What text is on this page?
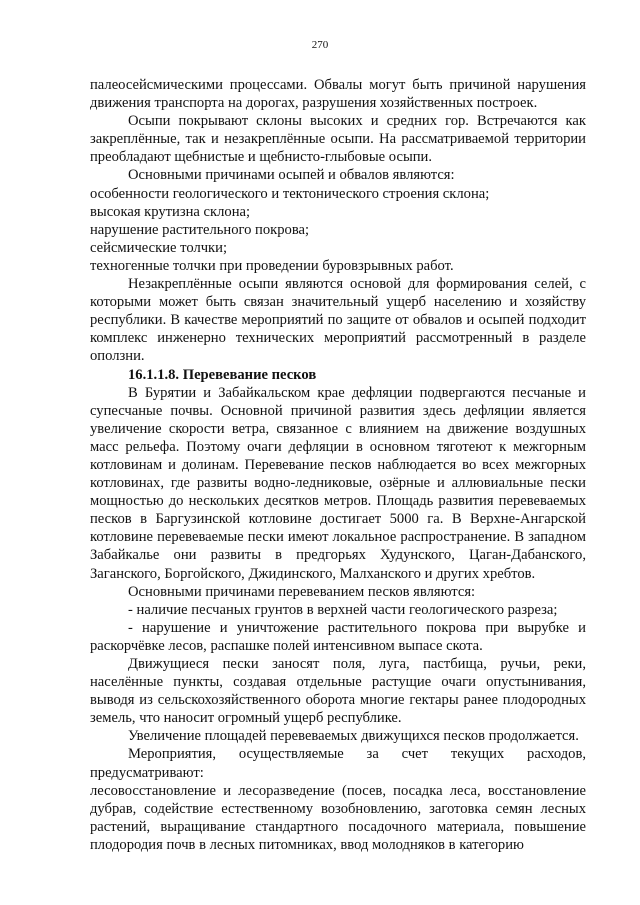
270

палеосейсмическими процессами. Обвалы могут быть причиной нарушения движения транспорта на дорогах, разрушения хозяйственных построек.

Осыпи покрывают склоны высоких и средних гор. Встречаются как закреплённые, так и незакреплённые осыпи. На рассматриваемой территории преобладают щебнистые и щебнисто-глыбовые осыпи.

Основными причинами осыпей и обвалов являются:

особенности геологического и тектонического строения склона;

высокая крутизна склона;

нарушение растительного покрова;

сейсмические толчки;

техногенные толчки при проведении буровзрывных работ.

Незакреплённые осыпи являются основой для формирования селей, с которыми может быть связан значительный ущерб населению и хозяйству республики. В качестве мероприятий по защите от обвалов и осыпей подходит комплекс инженерно технических мероприятий рассмотренный в разделе оползни.

16.1.1.8. Перевевание песков

В Бурятии и Забайкальском крае дефляции подвергаются песчаные и супесчаные почвы. Основной причиной развития здесь дефляции является увеличение скорости ветра, связанное с влиянием на движение воздушных масс рельефа. Поэтому очаги дефляции в основном тяготеют к межгорным котловинам и долинам. Перевевание песков наблюдается во всех межгорных котловинах, где развиты водно-ледниковые, озёрные и аллювиальные пески мощностью до нескольких десятков метров. Площадь развития перевеваемых песков в Баргузинской котловине достигает 5000 га. В Верхне-Ангарской котловине перевеваемые пески имеют локальное распространение. В западном Забайкалье они развиты в предгорьях Худунского, Цаган-Дабанского, Заганского, Боргойского, Джидинского, Малханского и других хребтов.

Основными причинами перевеванием песков являются:

- наличие песчаных грунтов в верхней части геологического разреза;

- нарушение и уничтожение растительного покрова при вырубке и раскорчёвке лесов, распашке полей интенсивном выпасе скота.

Движущиеся пески заносят поля, луга, пастбища, ручьи, реки, населённые пункты, создавая отдельные растущие очаги опустынивания, выводя из сельскохозяйственного оборота многие гектары ранее плодородных земель, что наносит огромный ущерб республике.

Увеличение площадей перевеваемых движущихся песков продолжается.

Мероприятия, осуществляемые за счет текущих расходов, предусматривают:

лесовосстановление и лесоразведение (посев, посадка леса, восстановление дубрав, содействие естественному возобновлению, заготовка семян лесных растений, выращивание стандартного посадочного материала, повышение плодородия почв в лесных питомниках, ввод молодняков в категорию
